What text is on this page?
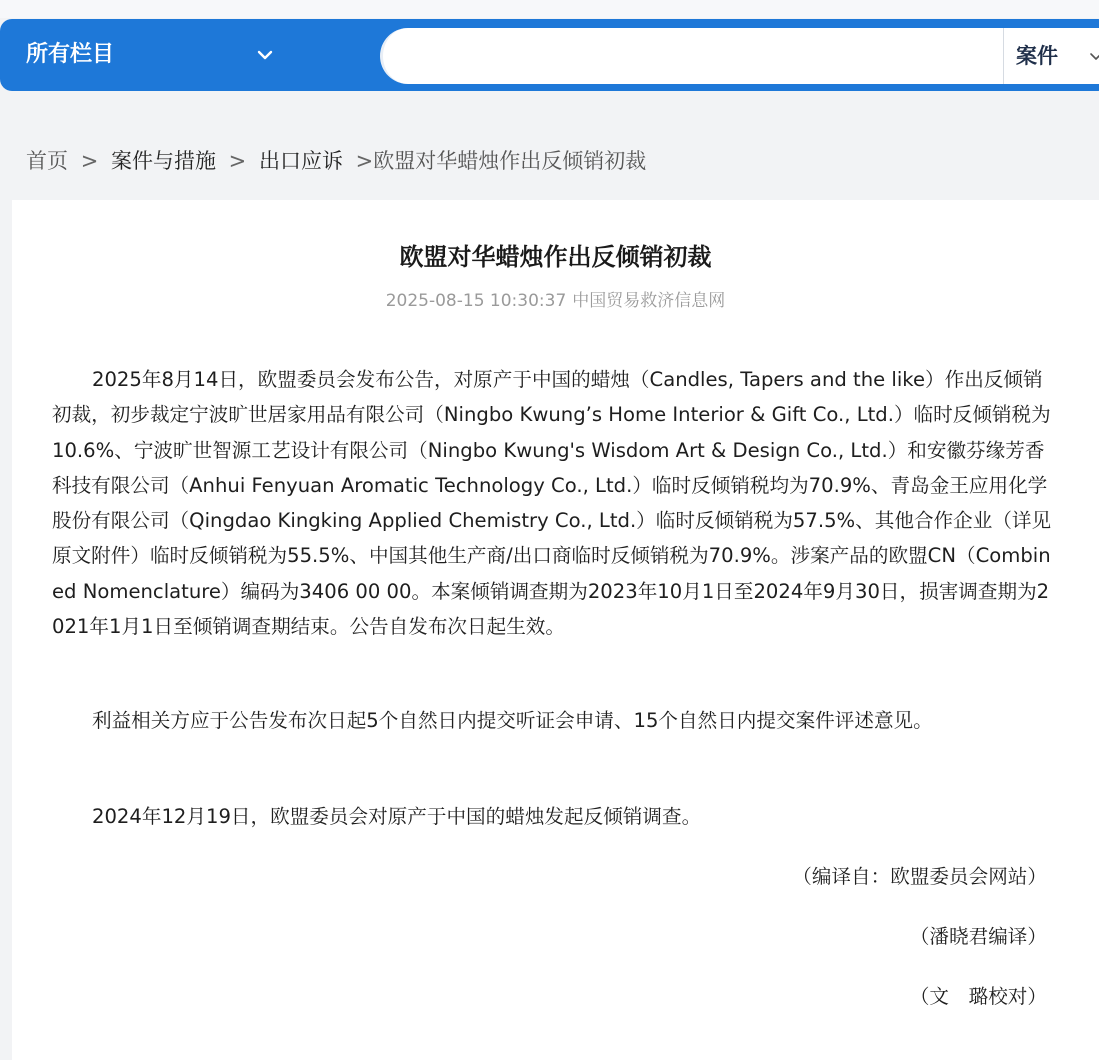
所有栏目	案件
首页 > 案件与措施 > 出口应诉 >欧盟对华蜡烛作出反倾销初裁
欧盟对华蜡烛作出反倾销初裁
2025-08-15 10:30:37 中国贸易救济信息网

2025年8月14日，欧盟委员会发布公告，对原产于中国的蜡烛（Candles, Tapers and the like）作出反倾销初裁，初步裁定宁波旷世居家用品有限公司（Ningbo Kwung’s Home Interior & Gift Co., Ltd.）临时反倾销税为10.6%、宁波旷世智源工艺设计有限公司（Ningbo Kwung's Wisdom Art & Design Co., Ltd.）和安徽芬缘芳香科技有限公司（Anhui Fenyuan Aromatic Technology Co., Ltd.）临时反倾销税均为70.9%、青岛金王应用化学股份有限公司（Qingdao Kingking Applied Chemistry Co., Ltd.）临时反倾销税为57.5%、其他合作企业（详见原文附件）临时反倾销税为55.5%、中国其他生产商/出口商临时反倾销税为70.9%。涉案产品的欧盟CN（Combined Nomenclature）编码为3406 00 00。本案倾销调查期为2023年10月1日至2024年9月30日，损害调查期为2021年1月1日至倾销调查期结束。公告自发布次日起生效。

利益相关方应于公告发布次日起5个自然日内提交听证会申请、15个自然日内提交案件评述意见。

2024年12月19日，欧盟委员会对原产于中国的蜡烛发起反倾销调查。

（编译自：欧盟委员会网站）
（潘晓君编译）
（文　璐校对）
